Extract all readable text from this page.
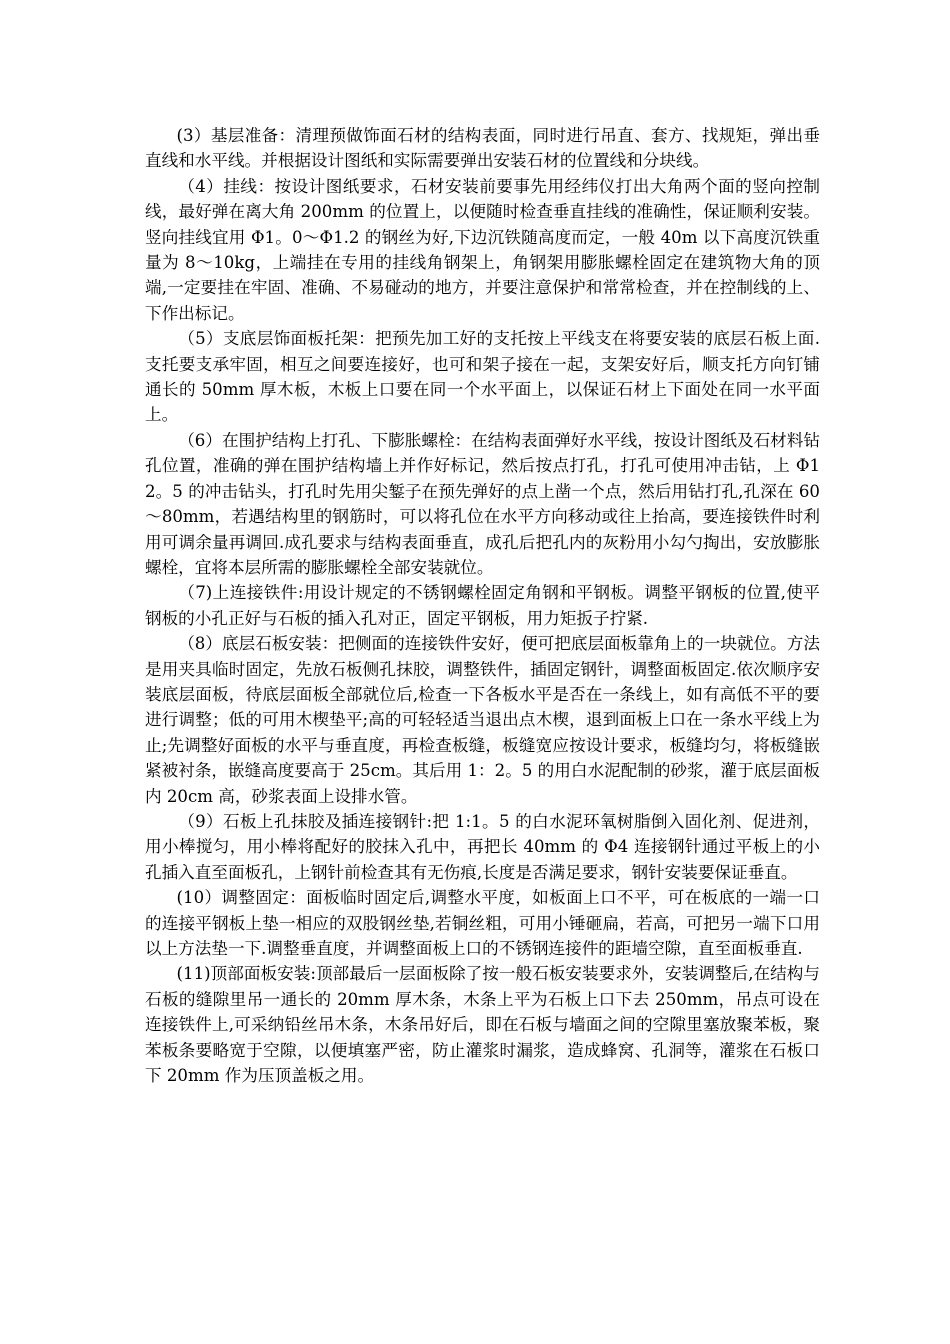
(3）基层准备：清理预做饰面石材的结构表面，同时进行吊直、套方、找规矩，弹出垂直线和水平线。并根据设计图纸和实际需要弹出安装石材的位置线和分块线。

（4）挂线：按设计图纸要求，石材安装前要事先用经纬仪打出大角两个面的竖向控制线，最好弹在离大角 200mm 的位置上，以便随时检查垂直挂线的准确性，保证顺利安装。竖向挂线宜用 Φ1。0～Φ1.2 的钢丝为好,下边沉铁随高度而定，一般 40m 以下高度沉铁重量为 8～10kg，上端挂在专用的挂线角钢架上，角钢架用膨胀螺栓固定在建筑物大角的顶端,一定要挂在牢固、准确、不易碰动的地方，并要注意保护和常常检查，并在控制线的上、下作出标记。

（5）支底层饰面板托架：把预先加工好的支托按上平线支在将要安装的底层石板上面.支托要支承牢固，相互之间要连接好，也可和架子接在一起，支架安好后，顺支托方向钉铺通长的 50mm 厚木板，木板上口要在同一个水平面上，以保证石材上下面处在同一水平面上。

（6）在围护结构上打孔、下膨胀螺栓：在结构表面弹好水平线，按设计图纸及石材料钻孔位置，准确的弹在围护结构墙上并作好标记，然后按点打孔，打孔可使用冲击钻，上 Φ12。5 的冲击钻头，打孔时先用尖錾子在预先弹好的点上凿一个点，然后用钻打孔,孔深在 60～80mm，若遇结构里的钢筋时，可以将孔位在水平方向移动或往上抬高，要连接铁件时利用可调余量再调回.成孔要求与结构表面垂直，成孔后把孔内的灰粉用小勾勺掏出，安放膨胀螺栓，宜将本层所需的膨胀螺栓全部安装就位。

（7)上连接铁件:用设计规定的不锈钢螺栓固定角钢和平钢板。调整平钢板的位置,使平钢板的小孔正好与石板的插入孔对正，固定平钢板，用力矩扳子拧紧.

（8）底层石板安装：把侧面的连接铁件安好，便可把底层面板靠角上的一块就位。方法是用夹具临时固定，先放石板侧孔抹胶，调整铁件，插固定钢针，调整面板固定.依次顺序安装底层面板，待底层面板全部就位后,检查一下各板水平是否在一条线上，如有高低不平的要进行调整；低的可用木楔垫平;高的可轻轻适当退出点木楔，退到面板上口在一条水平线上为止;先调整好面板的水平与垂直度，再检查板缝，板缝宽应按设计要求，板缝均匀，将板缝嵌紧被衬条，嵌缝高度要高于 25cm。其后用 1：2。5 的用白水泥配制的砂浆，灌于底层面板内 20cm 高，砂浆表面上设排水管。

（9）石板上孔抹胶及插连接钢针:把 1:1。5 的白水泥环氧树脂倒入固化剂、促进剂，用小棒搅匀，用小棒将配好的胶抹入孔中，再把长 40mm 的 Φ4 连接钢针通过平板上的小孔插入直至面板孔，上钢针前检查其有无伤痕,长度是否满足要求，钢针安装要保证垂直。

(10）调整固定：面板临时固定后,调整水平度，如板面上口不平，可在板底的一端一口的连接平钢板上垫一相应的双股钢丝垫,若铜丝粗，可用小锤砸扁，若高，可把另一端下口用以上方法垫一下.调整垂直度，并调整面板上口的不锈钢连接件的距墙空隙，直至面板垂直.

(11)顶部面板安装:顶部最后一层面板除了按一般石板安装要求外，安装调整后,在结构与石板的缝隙里吊一通长的 20mm 厚木条，木条上平为石板上口下去 250mm，吊点可设在连接铁件上,可采纳铅丝吊木条，木条吊好后，即在石板与墙面之间的空隙里塞放聚苯板，聚苯板条要略宽于空隙，以便填塞严密，防止灌浆时漏浆，造成蜂窝、孔洞等，灌浆在石板口下 20mm 作为压顶盖板之用。
